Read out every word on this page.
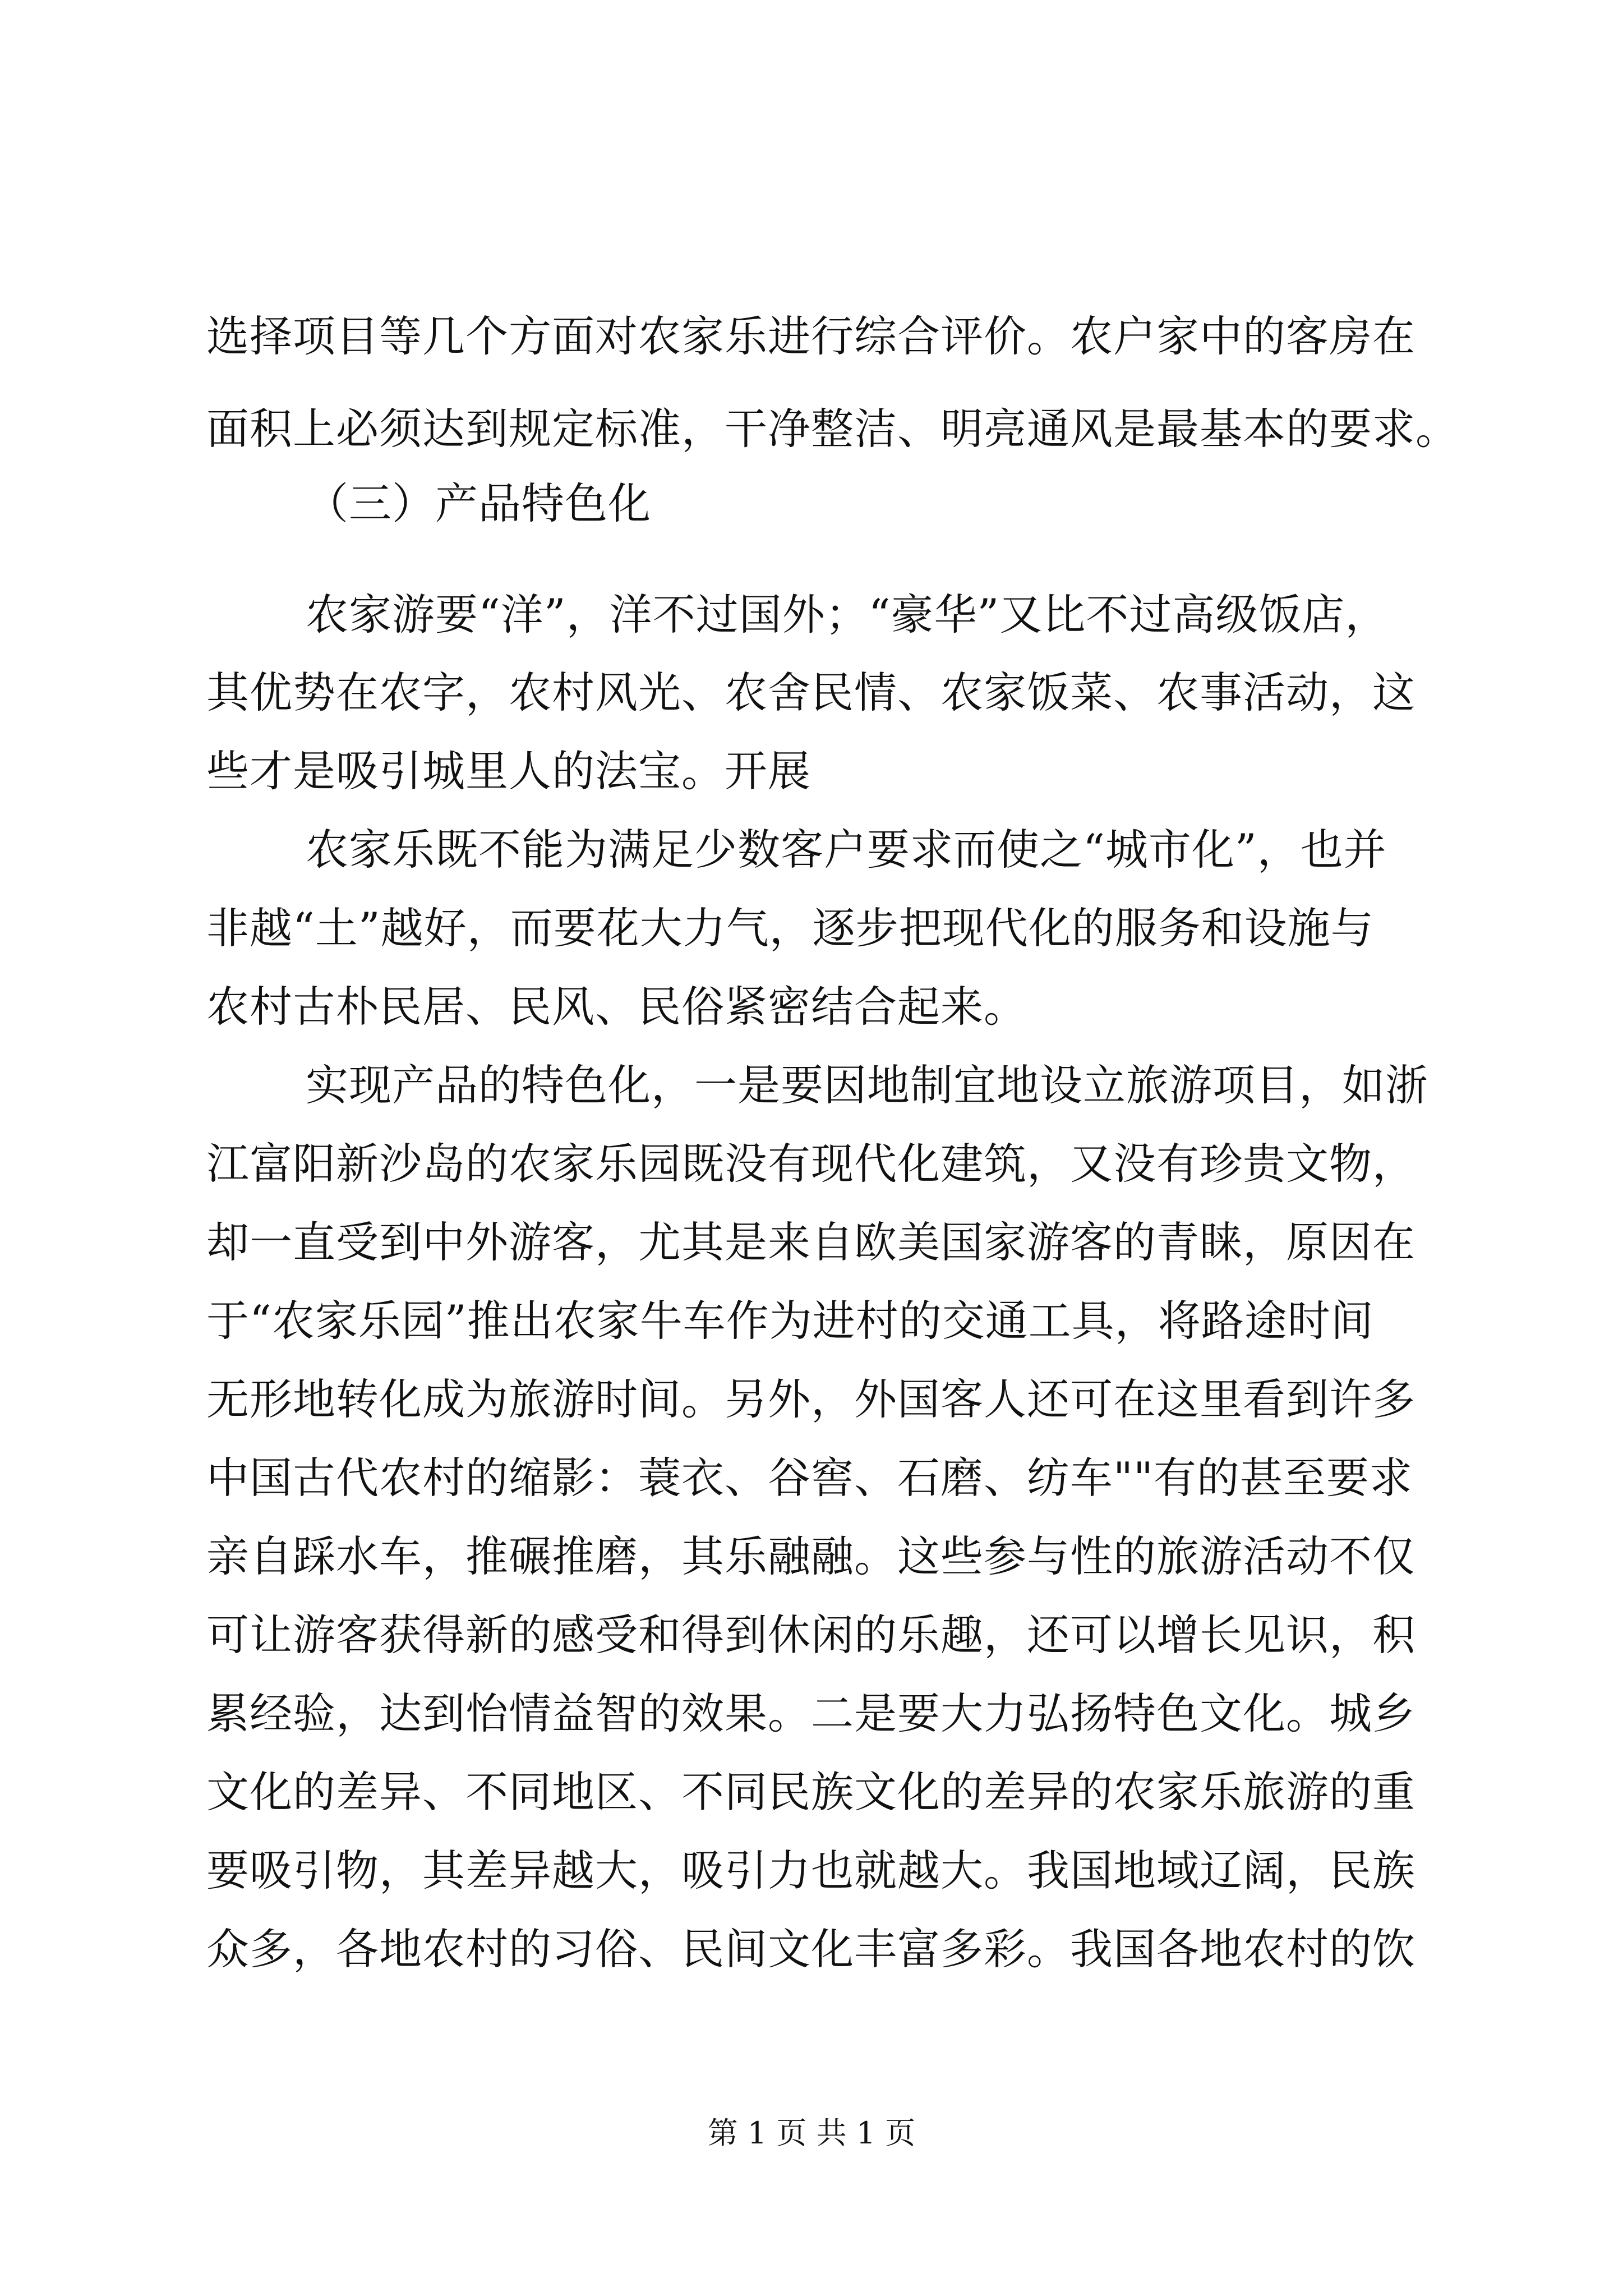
选择项目等几个方面对农家乐进行综合评价。农户家中的客房在
面积上必须达到规定标准，干净整洁、明亮通风是最基本的要求。
（三）产品特色化
农家游要“洋”，洋不过国外；“豪华”又比不过高级饭店，
其优势在农字，农村风光、农舍民情、农家饭菜、农事活动，这
些才是吸引城里人的法宝。开展
农家乐既不能为满足少数客户要求而使之“城市化”，也并
非越“土”越好，而要花大力气，逐步把现代化的服务和设施与
农村古朴民居、民风、民俗紧密结合起来。
实现产品的特色化，一是要因地制宜地设立旅游项目，如浙
江富阳新沙岛的农家乐园既没有现代化建筑，又没有珍贵文物，
却一直受到中外游客，尤其是来自欧美国家游客的青睐，原因在
于“农家乐园”推出农家牛车作为进村的交通工具，将路途时间
无形地转化成为旅游时间。另外，外国客人还可在这里看到许多
中国古代农村的缩影：蓑衣、谷窖、石磨、纺车""有的甚至要求
亲自踩水车，推碾推磨，其乐融融。这些参与性的旅游活动不仅
可让游客获得新的感受和得到休闲的乐趣，还可以增长见识，积
累经验，达到怡情益智的效果。二是要大力弘扬特色文化。城乡
文化的差异、不同地区、不同民族文化的差异的农家乐旅游的重
要吸引物，其差异越大，吸引力也就越大。我国地域辽阔，民族
众多，各地农村的习俗、民间文化丰富多彩。我国各地农村的饮
第 1 页 共 1 页
